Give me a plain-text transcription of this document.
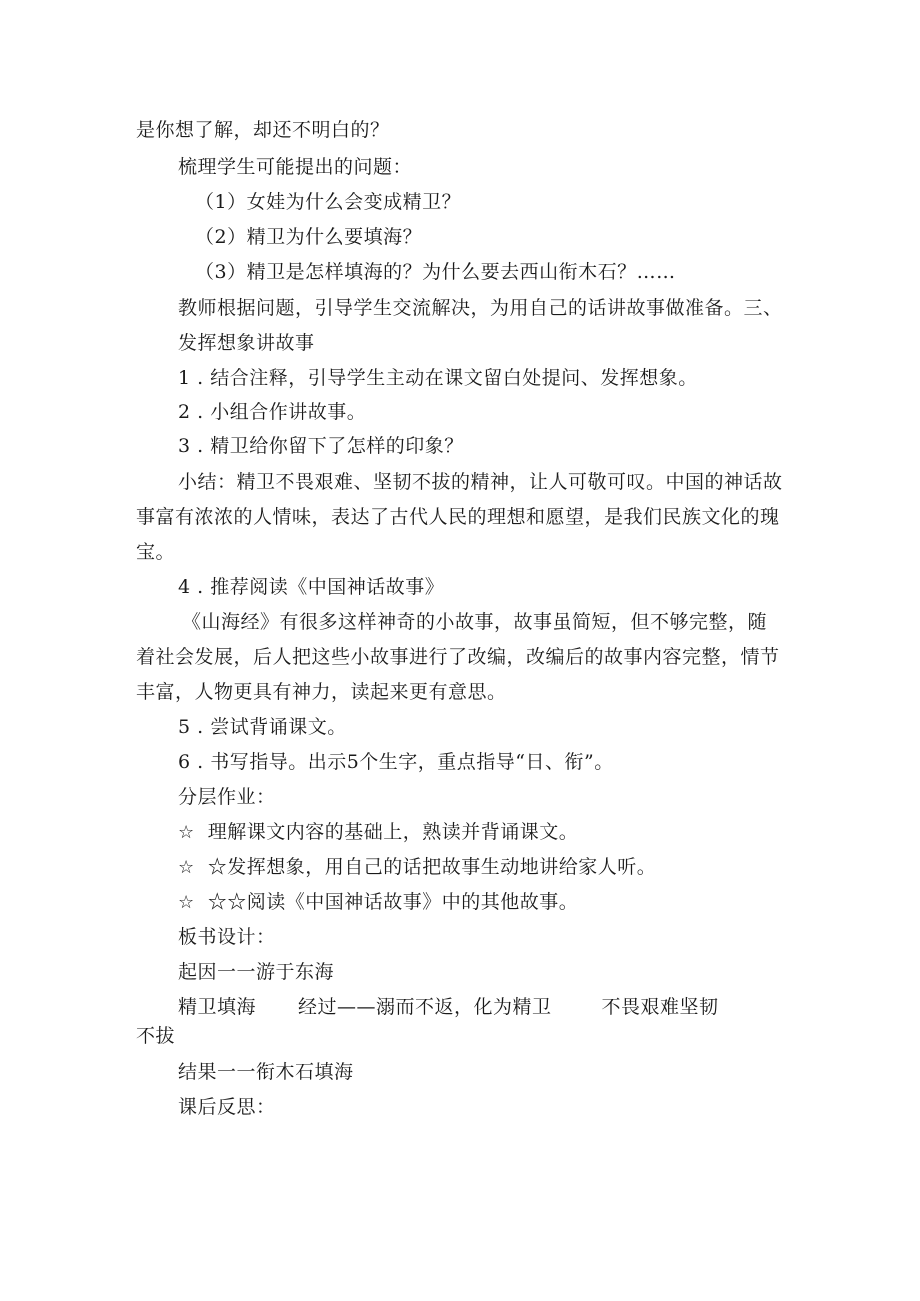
是你想了解，却还不明白的？
梳理学生可能提出的问题：
（1）女娃为什么会变成精卫？
（2）精卫为什么要填海？
（3）精卫是怎样填海的？为什么要去西山衔木石？……
教师根据问题，引导学生交流解决，为用自己的话讲故事做准备。三、
发挥想象讲故事
1 . 结合注释，引导学生主动在课文留白处提问、发挥想象。
2 . 小组合作讲故事。
3 . 精卫给你留下了怎样的印象？
小结：精卫不畏艰难、坚韧不拔的精神，让人可敬可叹。中国的神话故
事富有浓浓的人情味，表达了古代人民的理想和愿望，是我们民族文化的瑰
宝。
4 . 推荐阅读《中国神话故事》
《山海经》有很多这样神奇的小故事，故事虽简短，但不够完整，随
着社会发展，后人把这些小故事进行了改编，改编后的故事内容完整，情节
丰富，人物更具有神力，读起来更有意思。
5 . 尝试背诵课文。
6 . 书写指导。出示5个生字，重点指导“日、衔”。
分层作业：
☆ 理解课文内容的基础上，熟读并背诵课文。
☆ ☆发挥想象，用自己的话把故事生动地讲给家人听。
☆ ☆☆阅读《中国神话故事》中的其他故事。
板书设计：
起因一一游于东海
精卫填海 经过——溺而不返，化为精卫	不畏艰难坚韧
不拔
结果一一衔木石填海
课后反思：
